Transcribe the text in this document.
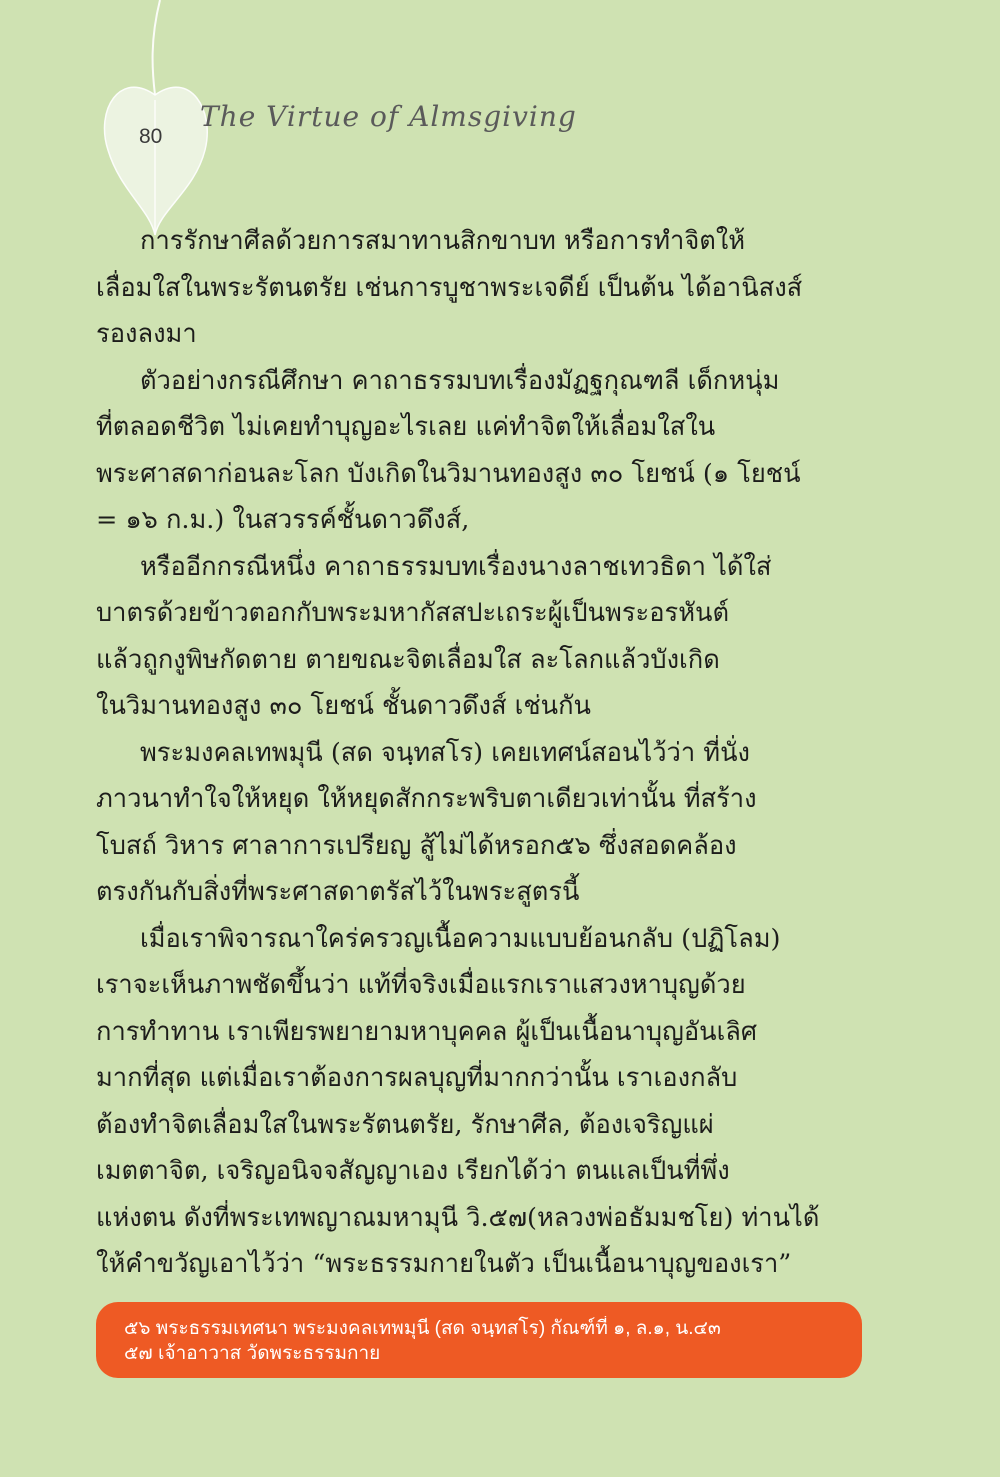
80
The Virtue of Almsgiving

การรักษาศีลด้วยการสมาทานสิกขาบท หรือการทำจิตให้
เลื่อมใสในพระรัตนตรัย เช่นการบูชาพระเจดีย์ เป็นต้น ได้อานิสงส์
รองลงมา

ตัวอย่างกรณีศึกษา คาถาธรรมบทเรื่องมัฏฐกุณฑลี เด็กหนุ่ม
ที่ตลอดชีวิต ไม่เคยทำบุญอะไรเลย แค่ทำจิตให้เลื่อมใสใน
พระศาสดาก่อนละโลก บังเกิดในวิมานทองสูง ๓๐ โยชน์ (๑ โยชน์
= ๑๖ ก.ม.) ในสวรรค์ชั้นดาวดึงส์,

หรืออีกกรณีหนึ่ง คาถาธรรมบทเรื่องนางลาชเทวธิดา ได้ใส่
บาตรด้วยข้าวตอกกับพระมหากัสสปะเถระผู้เป็นพระอรหันต์
แล้วถูกงูพิษกัดตาย ตายขณะจิตเลื่อมใส ละโลกแล้วบังเกิด
ในวิมานทองสูง ๓๐ โยชน์ ชั้นดาวดึงส์ เช่นกัน

พระมงคลเทพมุนี (สด จนฺทสโร) เคยเทศน์สอนไว้ว่า ที่นั่ง
ภาวนาทำใจให้หยุด ให้หยุดสักกระพริบตาเดียวเท่านั้น ที่สร้าง
โบสถ์ วิหาร ศาลาการเปรียญ สู้ไม่ได้หรอก๕๖ ซึ่งสอดคล้อง
ตรงกันกับสิ่งที่พระศาสดาตรัสไว้ในพระสูตรนี้

เมื่อเราพิจารณาใคร่ครวญเนื้อความแบบย้อนกลับ (ปฏิโลม)
เราจะเห็นภาพชัดขึ้นว่า แท้ที่จริงเมื่อแรกเราแสวงหาบุญด้วย
การทำทาน เราเพียรพยายามหาบุคคล ผู้เป็นเนื้อนาบุญอันเลิศ
มากที่สุด แต่เมื่อเราต้องการผลบุญที่มากกว่านั้น เราเองกลับ
ต้องทำจิตเลื่อมใสในพระรัตนตรัย, รักษาศีล, ต้องเจริญแผ่
เมตตาจิต, เจริญอนิจจสัญญาเอง เรียกได้ว่า ตนแลเป็นที่พึ่ง
แห่งตน ดังที่พระเทพญาณมหามุนี วิ.๕๗(หลวงพ่อธัมมชโย) ท่านได้
ให้คำขวัญเอาไว้ว่า “พระธรรมกายในตัว เป็นเนื้อนาบุญของเรา”

๕๖ พระธรรมเทศนา พระมงคลเทพมุนี (สด จนฺทสโร) กัณฑ์ที่ ๑, ล.๑, น.๔๓
๕๗ เจ้าอาวาส วัดพระธรรมกาย
